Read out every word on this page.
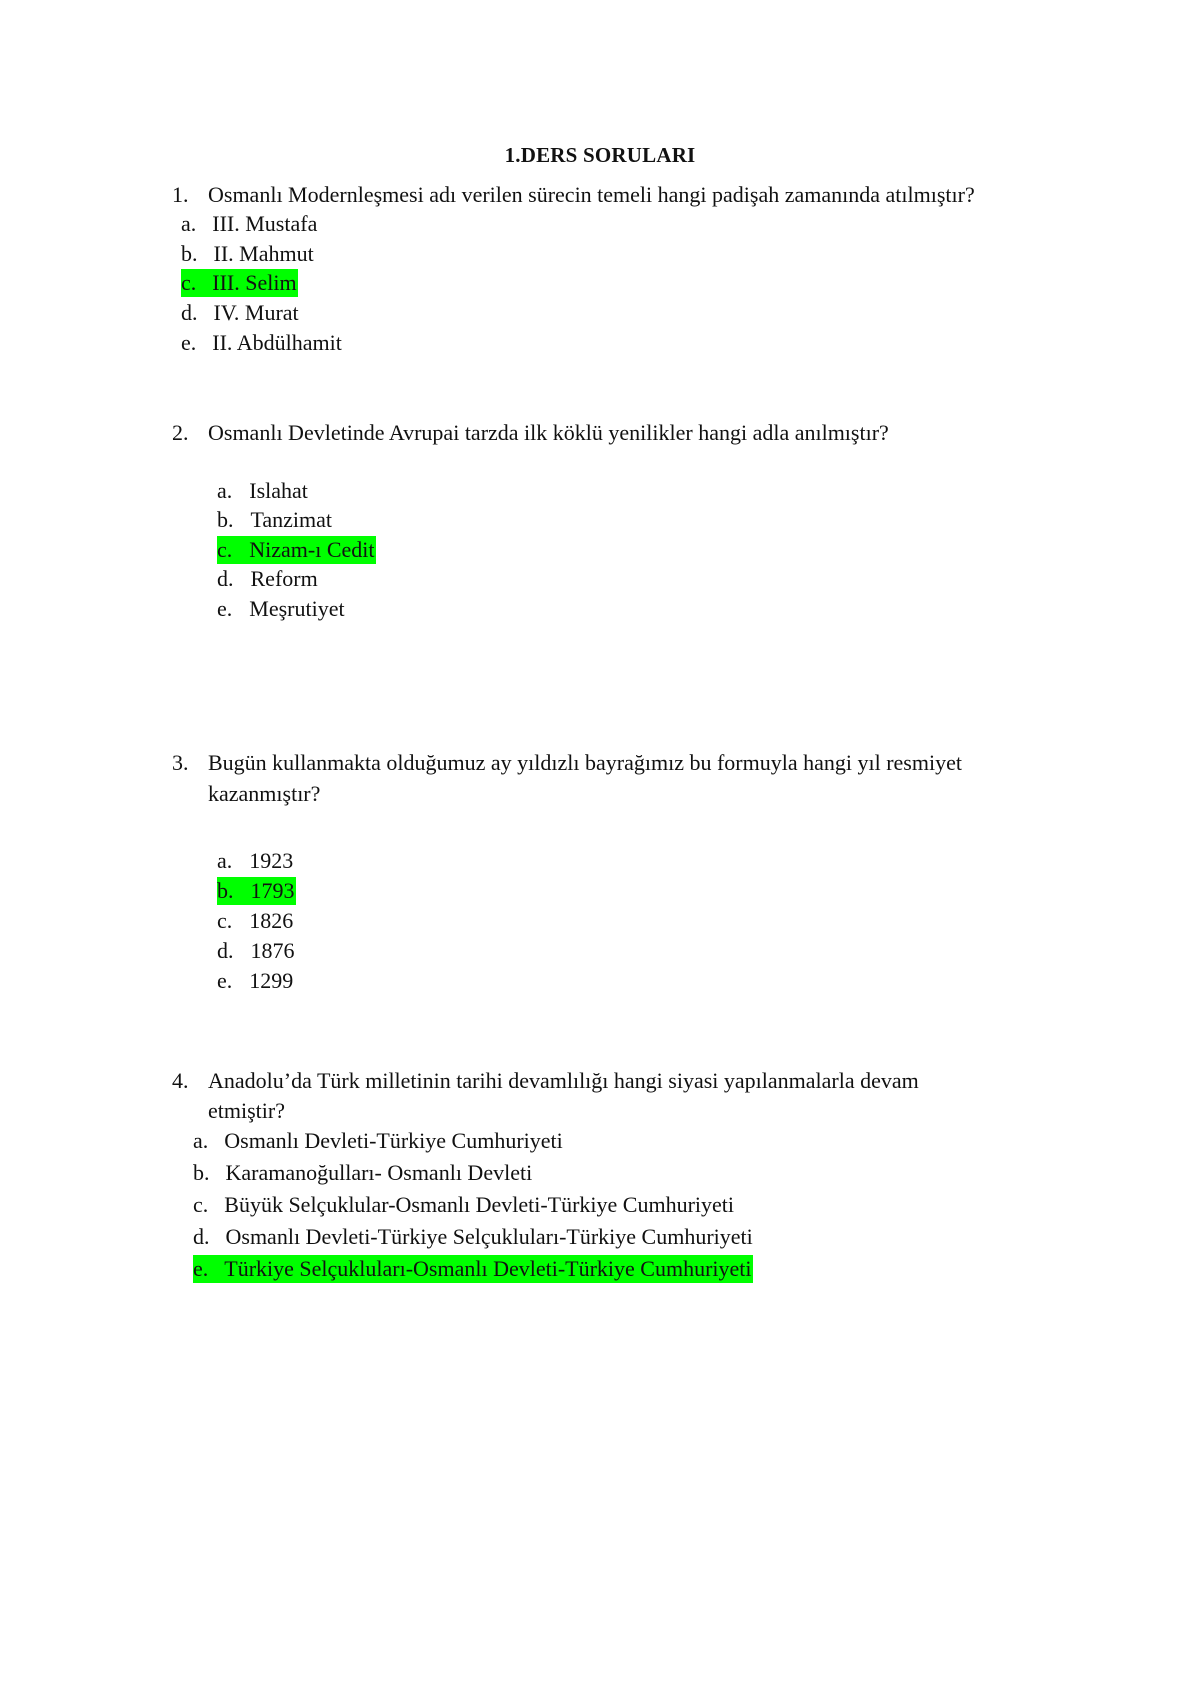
1.DERS SORULARI
1. Osmanlı Modernleşmesi adı verilen sürecin temeli hangi padişah zamanında atılmıştır?
a. III. Mustafa
b. II. Mahmut
c. III. Selim
d. IV. Murat
e. II. Abdülhamit
2. Osmanlı Devletinde Avrupai tarzda ilk köklü yenilikler hangi adla anılmıştır?
a. Islahat
b. Tanzimat
c. Nizam-ı Cedit
d. Reform
e. Meşrutiyet
3. Bugün kullanmakta olduğumuz ay yıldızlı bayrağımız bu formuyla hangi yıl resmiyet
kazanmıştır?
a. 1923
b. 1793
c. 1826
d. 1876
e. 1299
4. Anadolu’da Türk milletinin tarihi devamlılığı hangi siyasi yapılanmalarla devam
etmiştir?
a. Osmanlı Devleti-Türkiye Cumhuriyeti
b. Karamanoğulları- Osmanlı Devleti
c. Büyük Selçuklular-Osmanlı Devleti-Türkiye Cumhuriyeti
d. Osmanlı Devleti-Türkiye Selçukluları-Türkiye Cumhuriyeti
e. Türkiye Selçukluları-Osmanlı Devleti-Türkiye Cumhuriyeti
